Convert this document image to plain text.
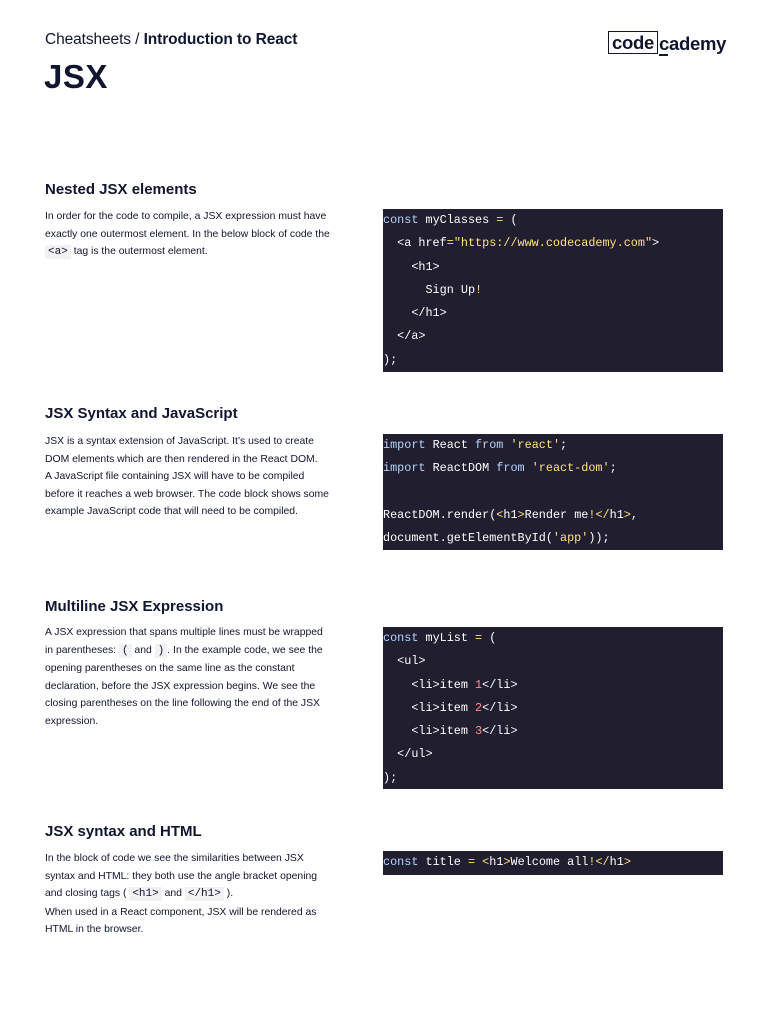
Cheatsheets / Introduction to React	code cademy
JSX
Nested JSX elements

In order for the code to compile, a JSX expression must have exactly one outermost element. In the below block of code the <a> tag is the outermost element.

const myClasses = (
<a href="https://www.codecademy.com">
<h1>
Sign Up!
</h1>
</a>
);
JSX Syntax and JavaScript

JSX is a syntax extension of JavaScript. It’s used to create DOM elements which are then rendered in the React DOM.

A JavaScript file containing JSX will have to be compiled before it reaches a web browser. The code block shows some example JavaScript code that will need to be compiled.

import React from 'react';
import ReactDOM from 'react-dom';
ReactDOM.render(<h1>Render me!</h1>,
document.getElementById('app'));
Multiline JSX Expression

A JSX expression that spans multiple lines must be wrapped in parentheses: ( and ) . In the example code, we see the opening parentheses on the same line as the constant declaration, before the JSX expression begins. We see the closing parentheses on the line following the end of the JSX expression.

const myList = (
<ul>
<li>item 1</li>
<li>item 2</li>
<li>item 3</li>
</ul>
);
JSX syntax and HTML

In the block of code we see the similarities between JSX syntax and HTML: they both use the angle bracket opening and closing tags ( <h1> and </h1> ).

When used in a React component, JSX will be rendered as HTML in the browser.

const title = <h1>Welcome all!</h1>
